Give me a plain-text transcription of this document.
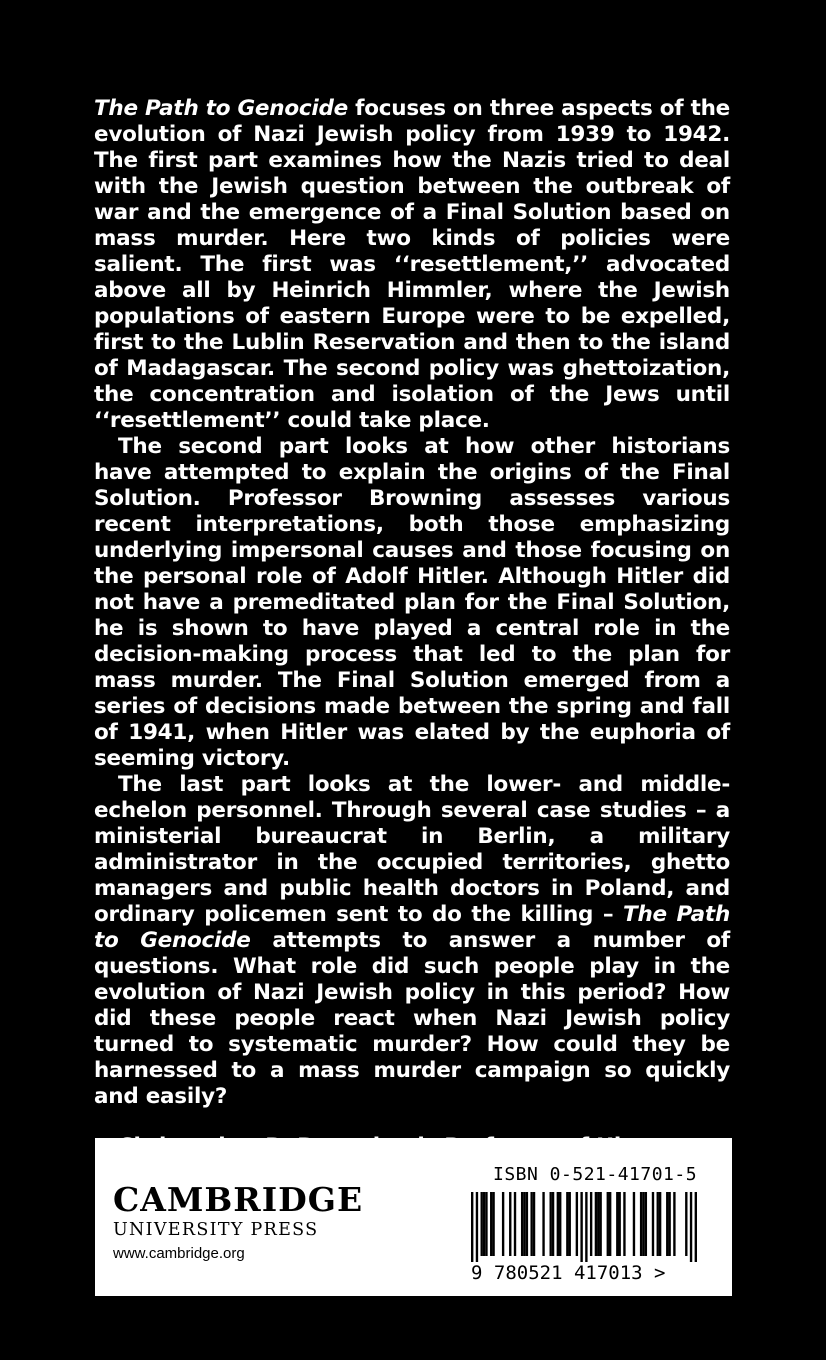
The Path to Genocide focuses on three aspects of the evolution of Nazi Jewish policy from 1939 to 1942. The first part examines how the Nazis tried to deal with the Jewish question between the outbreak of war and the emergence of a Final Solution based on mass murder. Here two kinds of policies were salient. The first was ‘‘resettlement,’’ advocated above all by Heinrich Himmler, where the Jewish populations of eastern Europe were to be expelled, first to the Lublin Reservation and then to the island of Madagascar. The second policy was ghettoization, the concentration and isolation of the Jews until ‘‘resettlement’’ could take place.

The second part looks at how other historians have attempted to explain the origins of the Final Solution. Professor Browning assesses various recent interpretations, both those emphasizing underlying impersonal causes and those focusing on the personal role of Adolf Hitler. Although Hitler did not have a premeditated plan for the Final Solution, he is shown to have played a central role in the decision-making process that led to the plan for mass murder. The Final Solution emerged from a series of decisions made between the spring and fall of 1941, when Hitler was elated by the euphoria of seeming victory.

The last part looks at the lower- and middle-echelon personnel. Through several case studies – a ministerial bureaucrat in Berlin, a military administrator in the occupied territories, ghetto managers and public health doctors in Poland, and ordinary policemen sent to do the killing – The Path to Genocide attempts to answer a number of questions. What role did such people play in the evolution of Nazi Jewish policy in this period? How did these people react when Nazi Jewish policy turned to systematic murder? How could they be harnessed to a mass murder campaign so quickly and easily?

CAMBRIDGE
UNIVERSITY PRESS
www.cambridge.org
ISBN 0-521-41701-5
9 780521 417013 >
